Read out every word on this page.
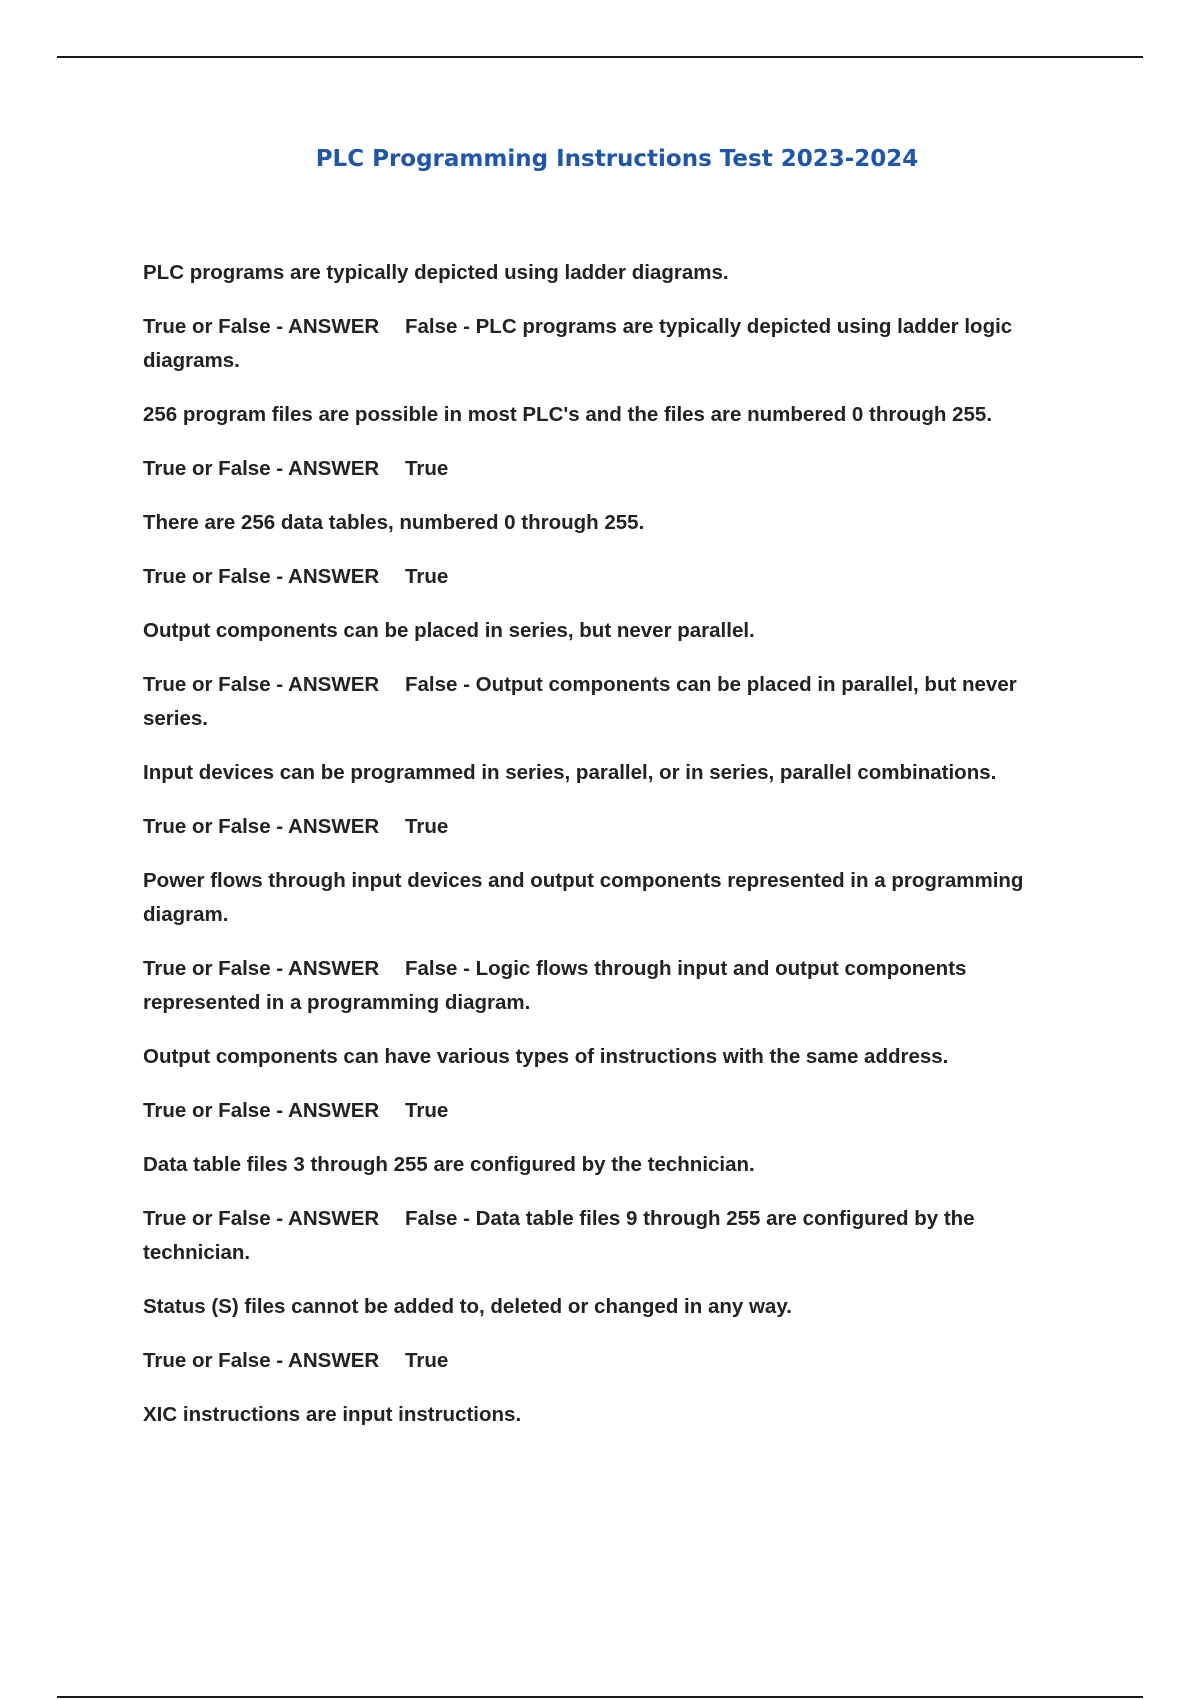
PLC Programming Instructions Test 2023-2024

PLC programs are typically depicted using ladder diagrams.

True or False - ANSWER False - PLC programs are typically depicted using ladder logic diagrams.

256 program files are possible in most PLC's and the files are numbered 0 through 255.

True or False - ANSWER True

There are 256 data tables, numbered 0 through 255.

True or False - ANSWER True

Output components can be placed in series, but never parallel.

True or False - ANSWER False - Output components can be placed in parallel, but never series.

Input devices can be programmed in series, parallel, or in series, parallel combinations.

True or False - ANSWER True

Power flows through input devices and output components represented in a programming diagram.

True or False - ANSWER False - Logic flows through input and output components represented in a programming diagram.

Output components can have various types of instructions with the same address.

True or False - ANSWER True

Data table files 3 through 255 are configured by the technician.

True or False - ANSWER False - Data table files 9 through 255 are configured by the technician.

Status (S) files cannot be added to, deleted or changed in any way.

True or False - ANSWER True

XIC instructions are input instructions.
